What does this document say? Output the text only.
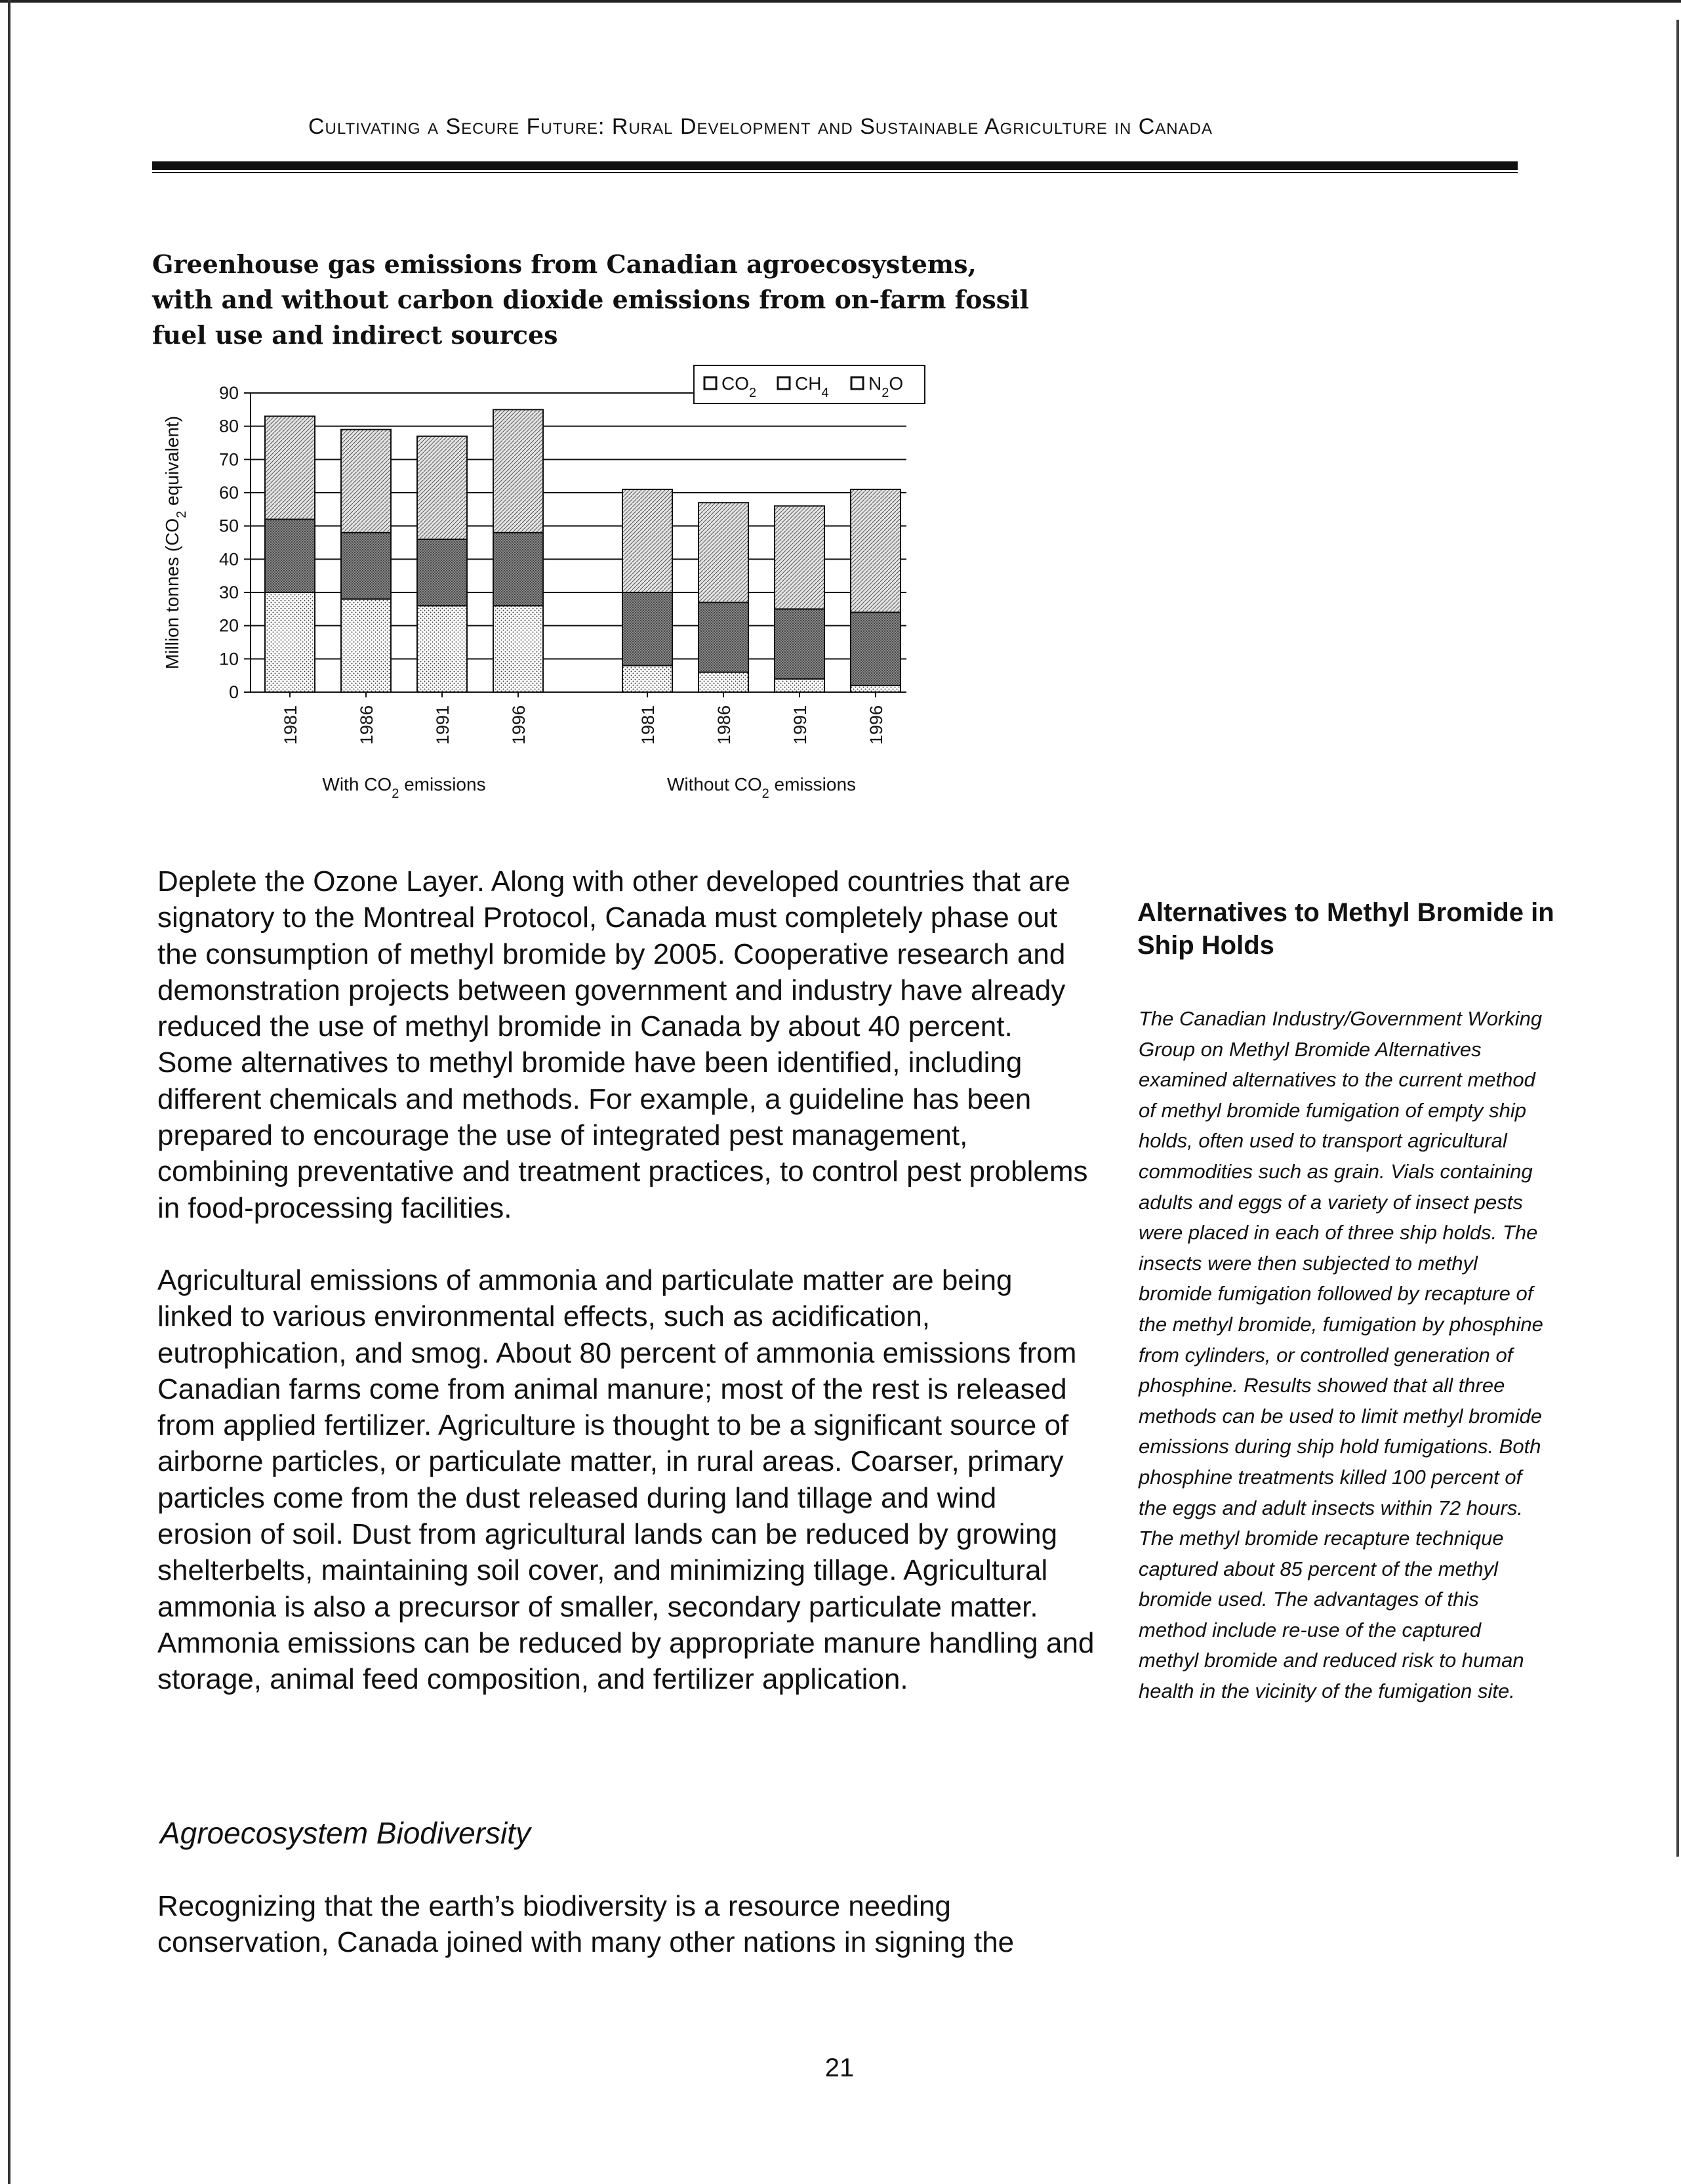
Cultivating a Secure Future: Rural Development and Sustainable Agriculture in Canada
Greenhouse gas emissions from Canadian agroecosystems, with and without carbon dioxide emissions from on-farm fossil fuel use and indirect sources
0
10
20
30
40
50
60
70
80
90
1981	1986	1991	1996	1981	1986	1991	1996
Million tonnes ($CO_2$ equivalent)
$CO_2$ $CH_4$ $N_2O$
With $CO_2$ emissions	Without $CO_2$ emissions

Deplete the Ozone Layer. Along with other developed countries that are signatory to the Montreal Protocol, Canada must completely phase out the consumption of methyl bromide by 2005. Cooperative research and demonstration projects between government and industry have already reduced the use of methyl bromide in Canada by about 40 percent. Some alternatives to methyl bromide have been identified, including different chemicals and methods. For example, a guideline has been prepared to encourage the use of integrated pest management, combining preventative and treatment practices, to control pest problems in food-processing facilities.

Agricultural emissions of ammonia and particulate matter are being linked to various environmental effects, such as acidification, eutrophication, and smog. About 80 percent of ammonia emissions from Canadian farms come from animal manure; most of the rest is released from applied fertilizer. Agriculture is thought to be a significant source of airborne particles, or particulate matter, in rural areas. Coarser, primary particles come from the dust released during land tillage and wind erosion of soil. Dust from agricultural lands can be reduced by growing shelterbelts, maintaining soil cover, and minimizing tillage. Agricultural ammonia is also a precursor of smaller, secondary particulate matter. Ammonia emissions can be reduced by appropriate manure handling and storage, animal feed composition, and fertilizer application.

Agroecosystem Biodiversity

Recognizing that the earth’s biodiversity is a resource needing conservation, Canada joined with many other nations in signing the

Alternatives to Methyl Bromide in Ship Holds

The Canadian Industry/Government Working Group on Methyl Bromide Alternatives examined alternatives to the current method of methyl bromide fumigation of empty ship holds, often used to transport agricultural commodities such as grain. Vials containing adults and eggs of a variety of insect pests were placed in each of three ship holds. The insects were then subjected to methyl bromide fumigation followed by recapture of the methyl bromide, fumigation by phosphine from cylinders, or controlled generation of phosphine. Results showed that all three methods can be used to limit methyl bromide emissions during ship hold fumigations. Both phosphine treatments killed 100 percent of the eggs and adult insects within 72 hours. The methyl bromide recapture technique captured about 85 percent of the methyl bromide used. The advantages of this method include re-use of the captured methyl bromide and reduced risk to human health in the vicinity of the fumigation site.

21
